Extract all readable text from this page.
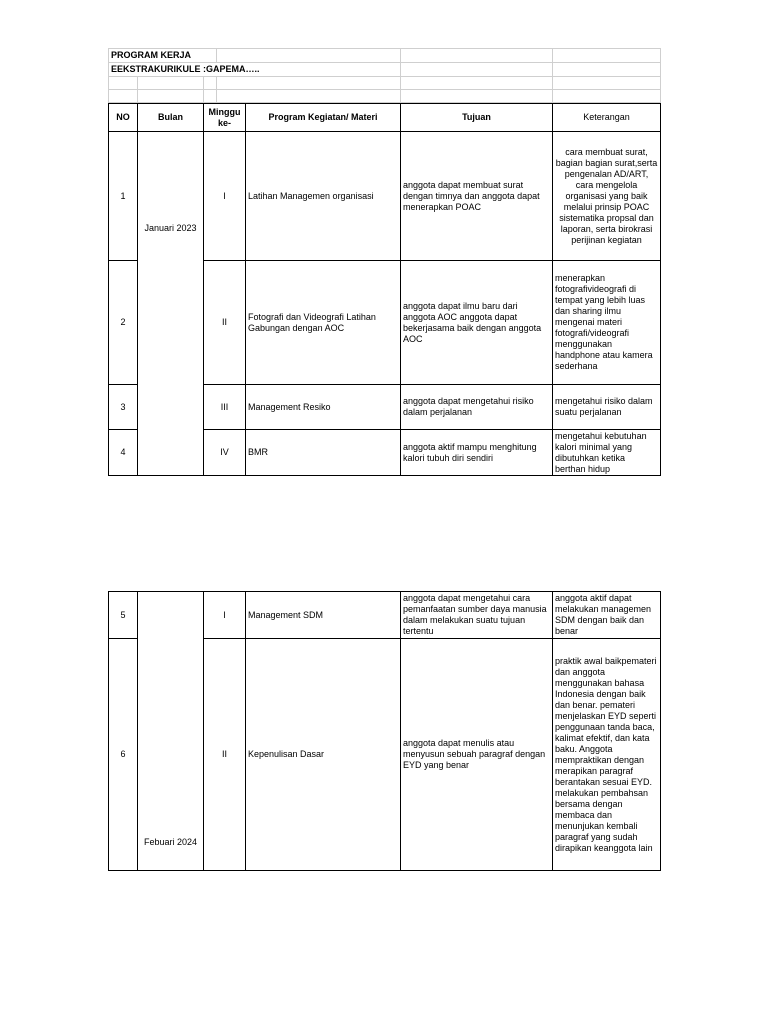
PROGRAM KERJA					
EEKSTRAKURIKULE :GAPEMA…..					

NO	Bulan	Minggu ke-	Program Kegiatan/ Materi	Tujuan	Keterangan
1	Januari 2023	I	Latihan Managemen organisasi	anggota dapat membuat surat dengan timnya dan anggota dapat menerapkan POAC	cara membuat surat, bagian bagian surat,serta pengenalan AD/ART, cara mengelola organisasi yang baik melalui prinsip POAC sistematika propsal dan laporan, serta birokrasi perijinan kegiatan
2		II	Fotografi dan Videografi Latihan Gabungan dengan AOC	anggota dapat ilmu baru dari anggota AOC anggota dapat bekerjasama baik dengan anggota AOC	menerapkan fotografivideografi di tempat yang lebih luas dan sharing ilmu mengenai materi fotografi/videografi menggunakan handphone atau kamera sederhana
3		III	Management Resiko	anggota dapat mengetahui risiko dalam perjalanan	mengetahui risiko dalam suatu perjalanan
4		IV	BMR	anggota aktif mampu menghitung kalori tubuh diri sendiri	mengetahui kebutuhan kalori minimal yang dibutuhkan ketika berthan hidup
5	Febuari 2024	I	Management SDM	anggota dapat mengetahui cara pemanfaatan sumber daya manusia dalam melakukan suatu tujuan tertentu	anggota aktif dapat melakukan managemen SDM dengan baik dan benar
6		II	Kepenulisan Dasar	anggota dapat menulis atau menyusun sebuah paragraf dengan EYD yang benar	praktik awal baikpemateri dan anggota menggunakan bahasa Indonesia dengan baik dan benar. pemateri menjelaskan EYD seperti penggunaan tanda baca, kalimat efektif, dan kata baku. Anggota mempraktikan dengan merapikan paragraf berantakan sesuai EYD. melakukan pembahsan bersama dengan membaca dan menunjukan kembali paragraf yang sudah dirapikan keanggota lain
